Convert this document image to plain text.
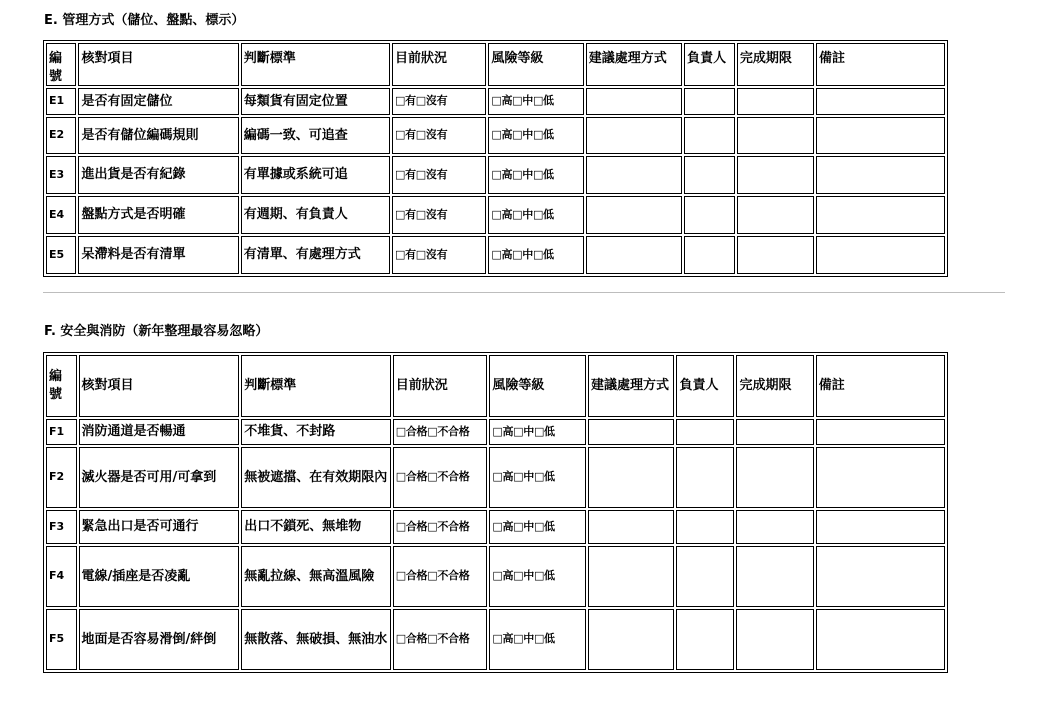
E. 管理方式（儲位、盤點、標示）
編號	核對項目	判斷標準	目前狀況	風險等級	建議處理方式	負責人	完成期限	備註
E1	是否有固定儲位	每類貨有固定位置	□有□沒有	□高□中□低				
E2	是否有儲位編碼規則	編碼一致、可追查	□有□沒有	□高□中□低				
E3	進出貨是否有紀錄	有單據或系統可追	□有□沒有	□高□中□低				
E4	盤點方式是否明確	有週期、有負責人	□有□沒有	□高□中□低				
E5	呆滯料是否有清單	有清單、有處理方式	□有□沒有	□高□中□低				
F. 安全與消防（新年整理最容易忽略）
編號	核對項目	判斷標準	目前狀況	風險等級	建議處理方式	負責人	完成期限	備註
F1	消防通道是否暢通	不堆貨、不封路	□合格□不合格	□高□中□低				
F2	滅火器是否可用/可拿到	無被遮擋、在有效期限內	□合格□不合格	□高□中□低				
F3	緊急出口是否可通行	出口不鎖死、無堆物	□合格□不合格	□高□中□低				
F4	電線/插座是否凌亂	無亂拉線、無高溫風險	□合格□不合格	□高□中□低				
F5	地面是否容易滑倒/絆倒	無散落、無破損、無油水	□合格□不合格	□高□中□低				
